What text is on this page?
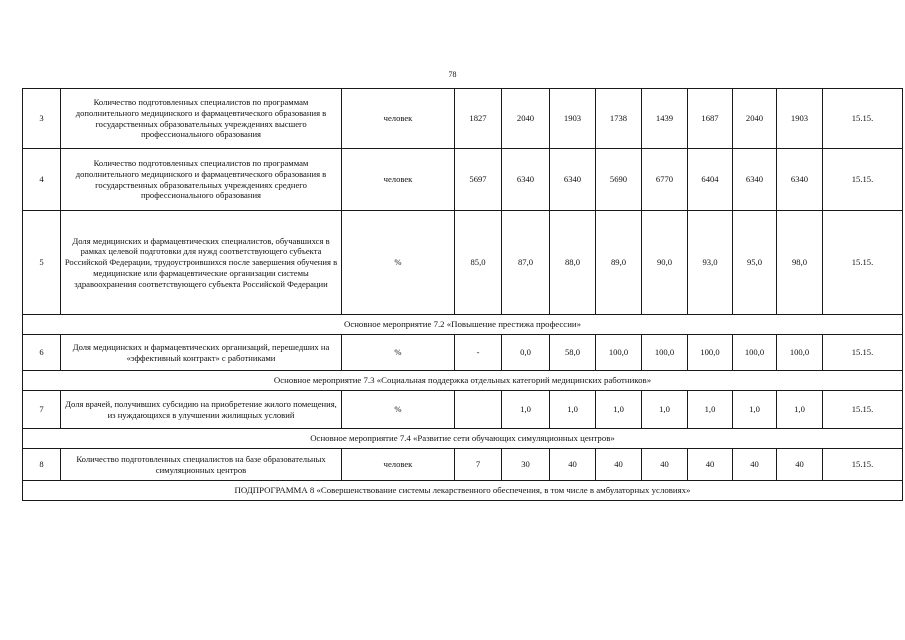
78
3	Количество подготовленных специалистов по программам дополнительного медицинского и фармацевтического образования в государственных образовательных учреждениях высшего профессионального образования	человек	1827	2040	1903	1738	1439	1687	2040	1903	15.15.
4	Количество подготовленных специалистов по программам дополнительного медицинского и фармацевтического образования в государственных образовательных учреждениях среднего профессионального образования	человек	5697	6340	6340	5690	6770	6404	6340	6340	15.15.
5	Доля медицинских и фармацевтических специалистов, обучавшихся в рамках целевой подготовки для нужд соответствующего субъекта Российской Федерации, трудоустроившихся после завершения обучения в медицинские или фармацевтические организации системы здравоохранения соответствующего субъекта Российской Федерации	%	85,0	87,0	88,0	89,0	90,0	93,0	95,0	98,0	15.15.
Основное мероприятие 7.2 «Повышение престижа профессии»											
6	Доля медицинских и фармацевтических организаций, перешедших на «эффективный контракт» с работниками	%	-	0,0	58,0	100,0	100,0	100,0	100,0	100,0	15.15.
Основное мероприятие 7.3 «Социальная поддержка отдельных категорий медицинских работников»											
7	Доля врачей, получивших субсидию на приобретение жилого помещения, из нуждающихся в улучшении жилищных условий	%		1,0	1,0	1,0	1,0	1,0	1,0	1,0	15.15.
Основное мероприятие 7.4 «Развитие сети обучающих симуляционных центров»											
8	Количество подготовленных специалистов на базе образовательных симуляционных центров	человек	7	30	40	40	40	40	40	40	15.15.
ПОДПРОГРАММА 8 «Совершенствование системы лекарственного обеспечения, в том числе в амбулаторных условиях»											
